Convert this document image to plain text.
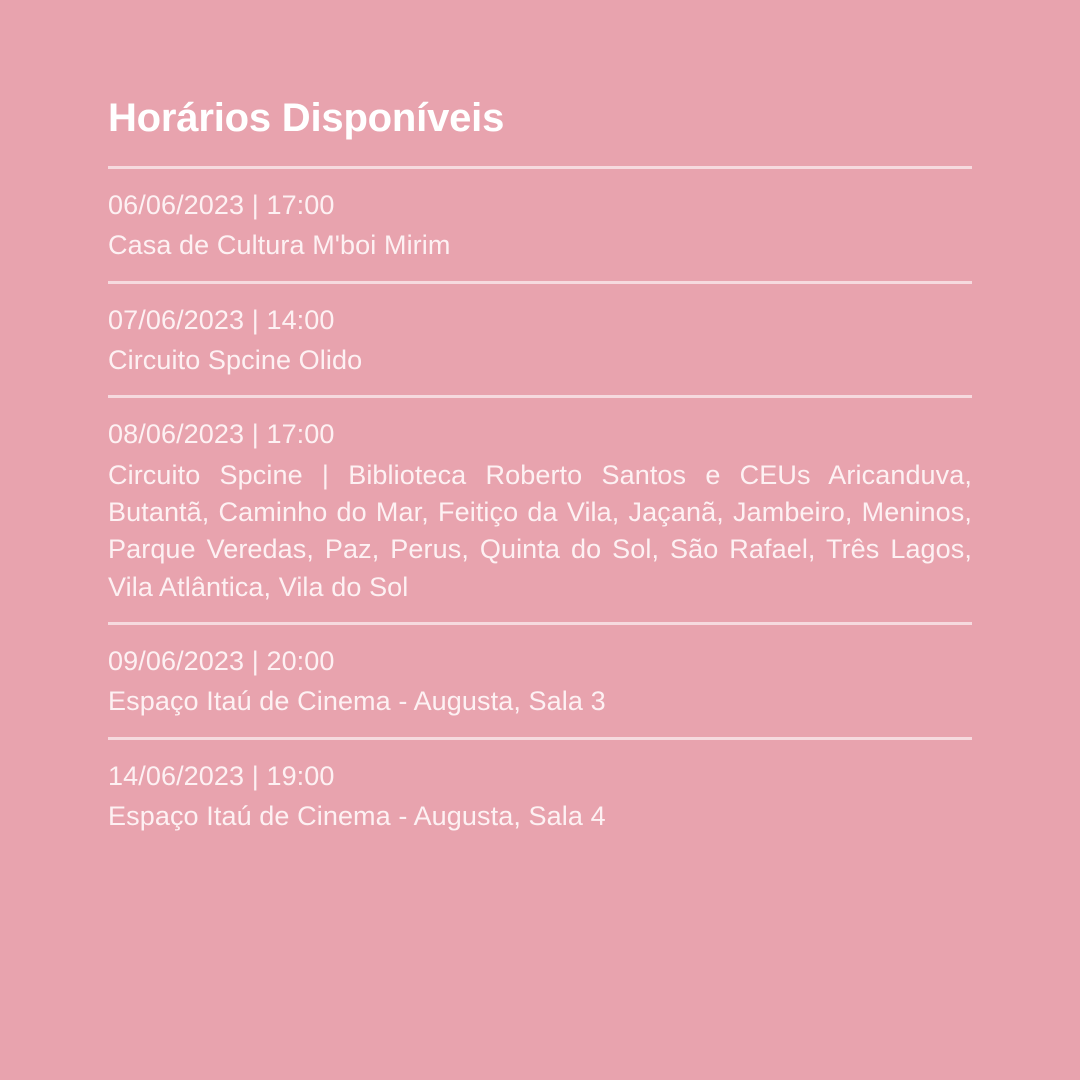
Horários Disponíveis
06/06/2023 | 17:00
Casa de Cultura M'boi Mirim
07/06/2023 | 14:00
Circuito Spcine Olido
08/06/2023 | 17:00
Circuito Spcine | Biblioteca Roberto Santos e CEUs Aricanduva, Butantã, Caminho do Mar, Feitiço da Vila, Jaçanã, Jambeiro, Meninos, Parque Veredas, Paz, Perus, Quinta do Sol, São Rafael, Três Lagos, Vila Atlântica, Vila do Sol
09/06/2023 | 20:00
Espaço Itaú de Cinema - Augusta, Sala 3
14/06/2023 | 19:00
Espaço Itaú de Cinema - Augusta, Sala 4
